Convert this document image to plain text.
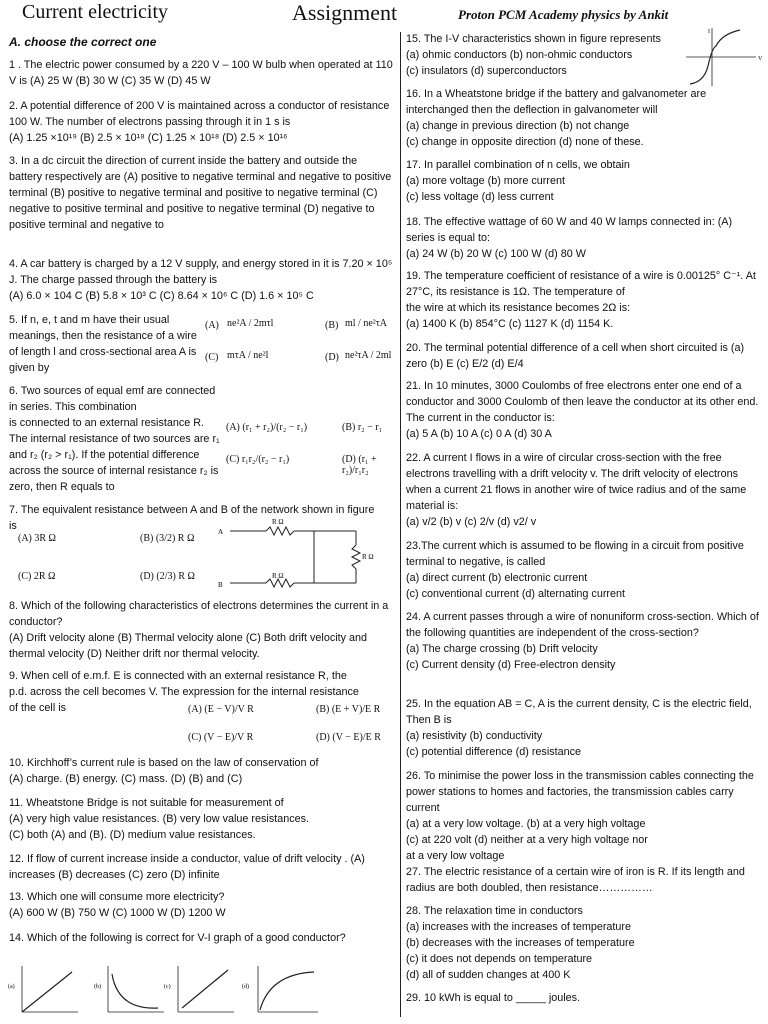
Current electricity	Assignment	Proton PCM Academy physics by Ankit
A. choose the correct one
1 . The electric power consumed by a 220 V – 100 W bulb when operated at 110 V is (A) 25 W (B) 30 W (C) 35 W (D) 45 W
2. A potential difference of 200 V is maintained across a conductor of resistance 100 W. The number of electrons passing through it in 1 s is
(A) 1.25 ×10¹⁹ (B) 2.5 × 10¹⁸ (C) 1.25 × 10¹⁸ (D) 2.5 × 10¹⁶
3. In a dc circuit the direction of current inside the battery and outside the battery respectively are (A) positive to negative terminal and negative to positive terminal (B) positive to negative terminal and positive to negative terminal (C) negative to positive terminal and positive to negative terminal (D) negative to positive terminal and negative to
4. A car battery is charged by a 12 V supply, and energy stored in it is 7.20 × 10⁵ J. The charge passed through the battery is
(A) 6.0 × 104 C (B) 5.8 × 10³ C (C) 8.64 × 10⁶ C (D) 1.6 × 10⁵ C
5. If n, e, t and m have their usual meanings, then the resistance of a wire of length l and cross-sectional area A is given by
(A) ne²A / 2mτl	(B) ml / ne²τA
(C) mτA / ne²l	(D) ne²τA / 2ml
6. Two sources of equal emf are connected in series. This combination
is connected to an external resistance R. The internal resistance of two sources are r₁ and r₂ (r₂ > r₁). If the potential difference across the source of internal resistance r₂ is zero, then R equals to
(A) (r₁ + r₂)/(r₂ − r₁)	(B) r₂ − r₁
(C) r₁r₂/(r₂ − r₁)	(D) (r₁ + r₂)/r₁r₂
7. The equivalent resistance between A and B of the network shown in figure is
(A) 3R Ω	(B) (3/2) R Ω
(C) 2R Ω	(D) (2/3) R Ω
A
B
R Ω
R Ω
R Ω
8. Which of the following characteristics of electrons determines the current in a conductor?
(A) Drift velocity alone (B) Thermal velocity alone (C) Both drift velocity and thermal velocity (D) Neither drift nor thermal velocity.
9. When cell of e.m.f. E is connected with an external resistance R, the
p.d. across the cell becomes V. The expression for the internal resistance of the cell is	(A) (E − V)/V R	(B) (E + V)/E R
(C) (V − E)/V R	(D) (V − E)/E R
10. Kirchhoff’s current rule is based on the law of conservation of
(A) charge. (B) energy. (C) mass. (D) (B) and (C)
11. Wheatstone Bridge is not suitable for measurement of
(A) very high value resistances. (B) very low value resistances.
(C) both (A) and (B). (D) medium value resistances.
12. If flow of current increase inside a conductor, value of drift velocity . (A) increases (B) decreases (C) zero (D) infinite
13. Which one will consume more electricity?
(A) 600 W (B) 750 W (C) 1000 W (D) 1200 W
14. Which of the following is correct for V-I graph of a good conductor?
(a)	(b)	(c)	(d)
15. The I-V characteristics shown in figure represents
(a) ohmic conductors (b) non-ohmic conductors
(c) insulators (d) superconductors
I
V
16. In a Wheatstone bridge if the battery and galvanometer are interchanged then the deflection in galvanometer will
(a) change in previous direction (b) not change
(c) change in opposite direction (d) none of these.
17. In parallel combination of n cells, we obtain
(a) more voltage (b) more current
(c) less voltage (d) less current
18. The effective wattage of 60 W and 40 W lamps connected in: (A) series is equal to:
(a) 24 W (b) 20 W (c) 100 W (d) 80 W
19. The temperature coefficient of resistance of a wire is 0.00125° C⁻¹. At 27°C, its resistance is 1Ω. The temperature of
the wire at which its resistance becomes 2Ω is:
(a) 1400 K (b) 854°C (c) 1127 K (d) 1154 K.
20. The terminal potential difference of a cell when short circuited is (a) zero (b) E (c) E/2 (d) E/4
21. In 10 minutes, 3000 Coulombs of free electrons enter one end of a conductor and 3000 Coulomb of then leave the conductor at its other end. The current in the conductor is:
(a) 5 A (b) 10 A (c) 0 A (d) 30 A
22. A current I flows in a wire of circular cross-section with the free electrons travelling with a drift velocity v. The drift velocity of electrons when a current 21 flows in another wire of twice radius and of the same material is:
(a) v/2 (b) v (c) 2/v (d) v2/ v
23.The current which is assumed to be flowing in a circuit from positive terminal to negative, is called
(a) direct current (b) electronic current
(c) conventional current (d) alternating current
24. A current passes through a wire of nonuniform cross-section. Which of the following quantities are independent of the cross-section?
(a) The charge crossing (b) Drift velocity
(c) Current density (d) Free-electron density
25. In the equation AB = C, A is the current density, C is the electric field, Then B is
(a) resistivity (b) conductivity
(c) potential difference (d) resistance
26. To minimise the power loss in the transmission cables connecting the power stations to homes and factories, the transmission cables carry current
(a) at a very low voltage. (b) at a very high voltage
(c) at 220 volt (d) neither at a very high voltage nor
at a very low voltage
27. The electric resistance of a certain wire of iron is R. If its length and radius are both doubled, then resistance……………
28. The relaxation time in conductors
(a) increases with the increases of temperature
(b) decreases with the increases of temperature
(c) it does not depends on temperature
(d) all of sudden changes at 400 K
29. 10 kWh is equal to _____ joules.
